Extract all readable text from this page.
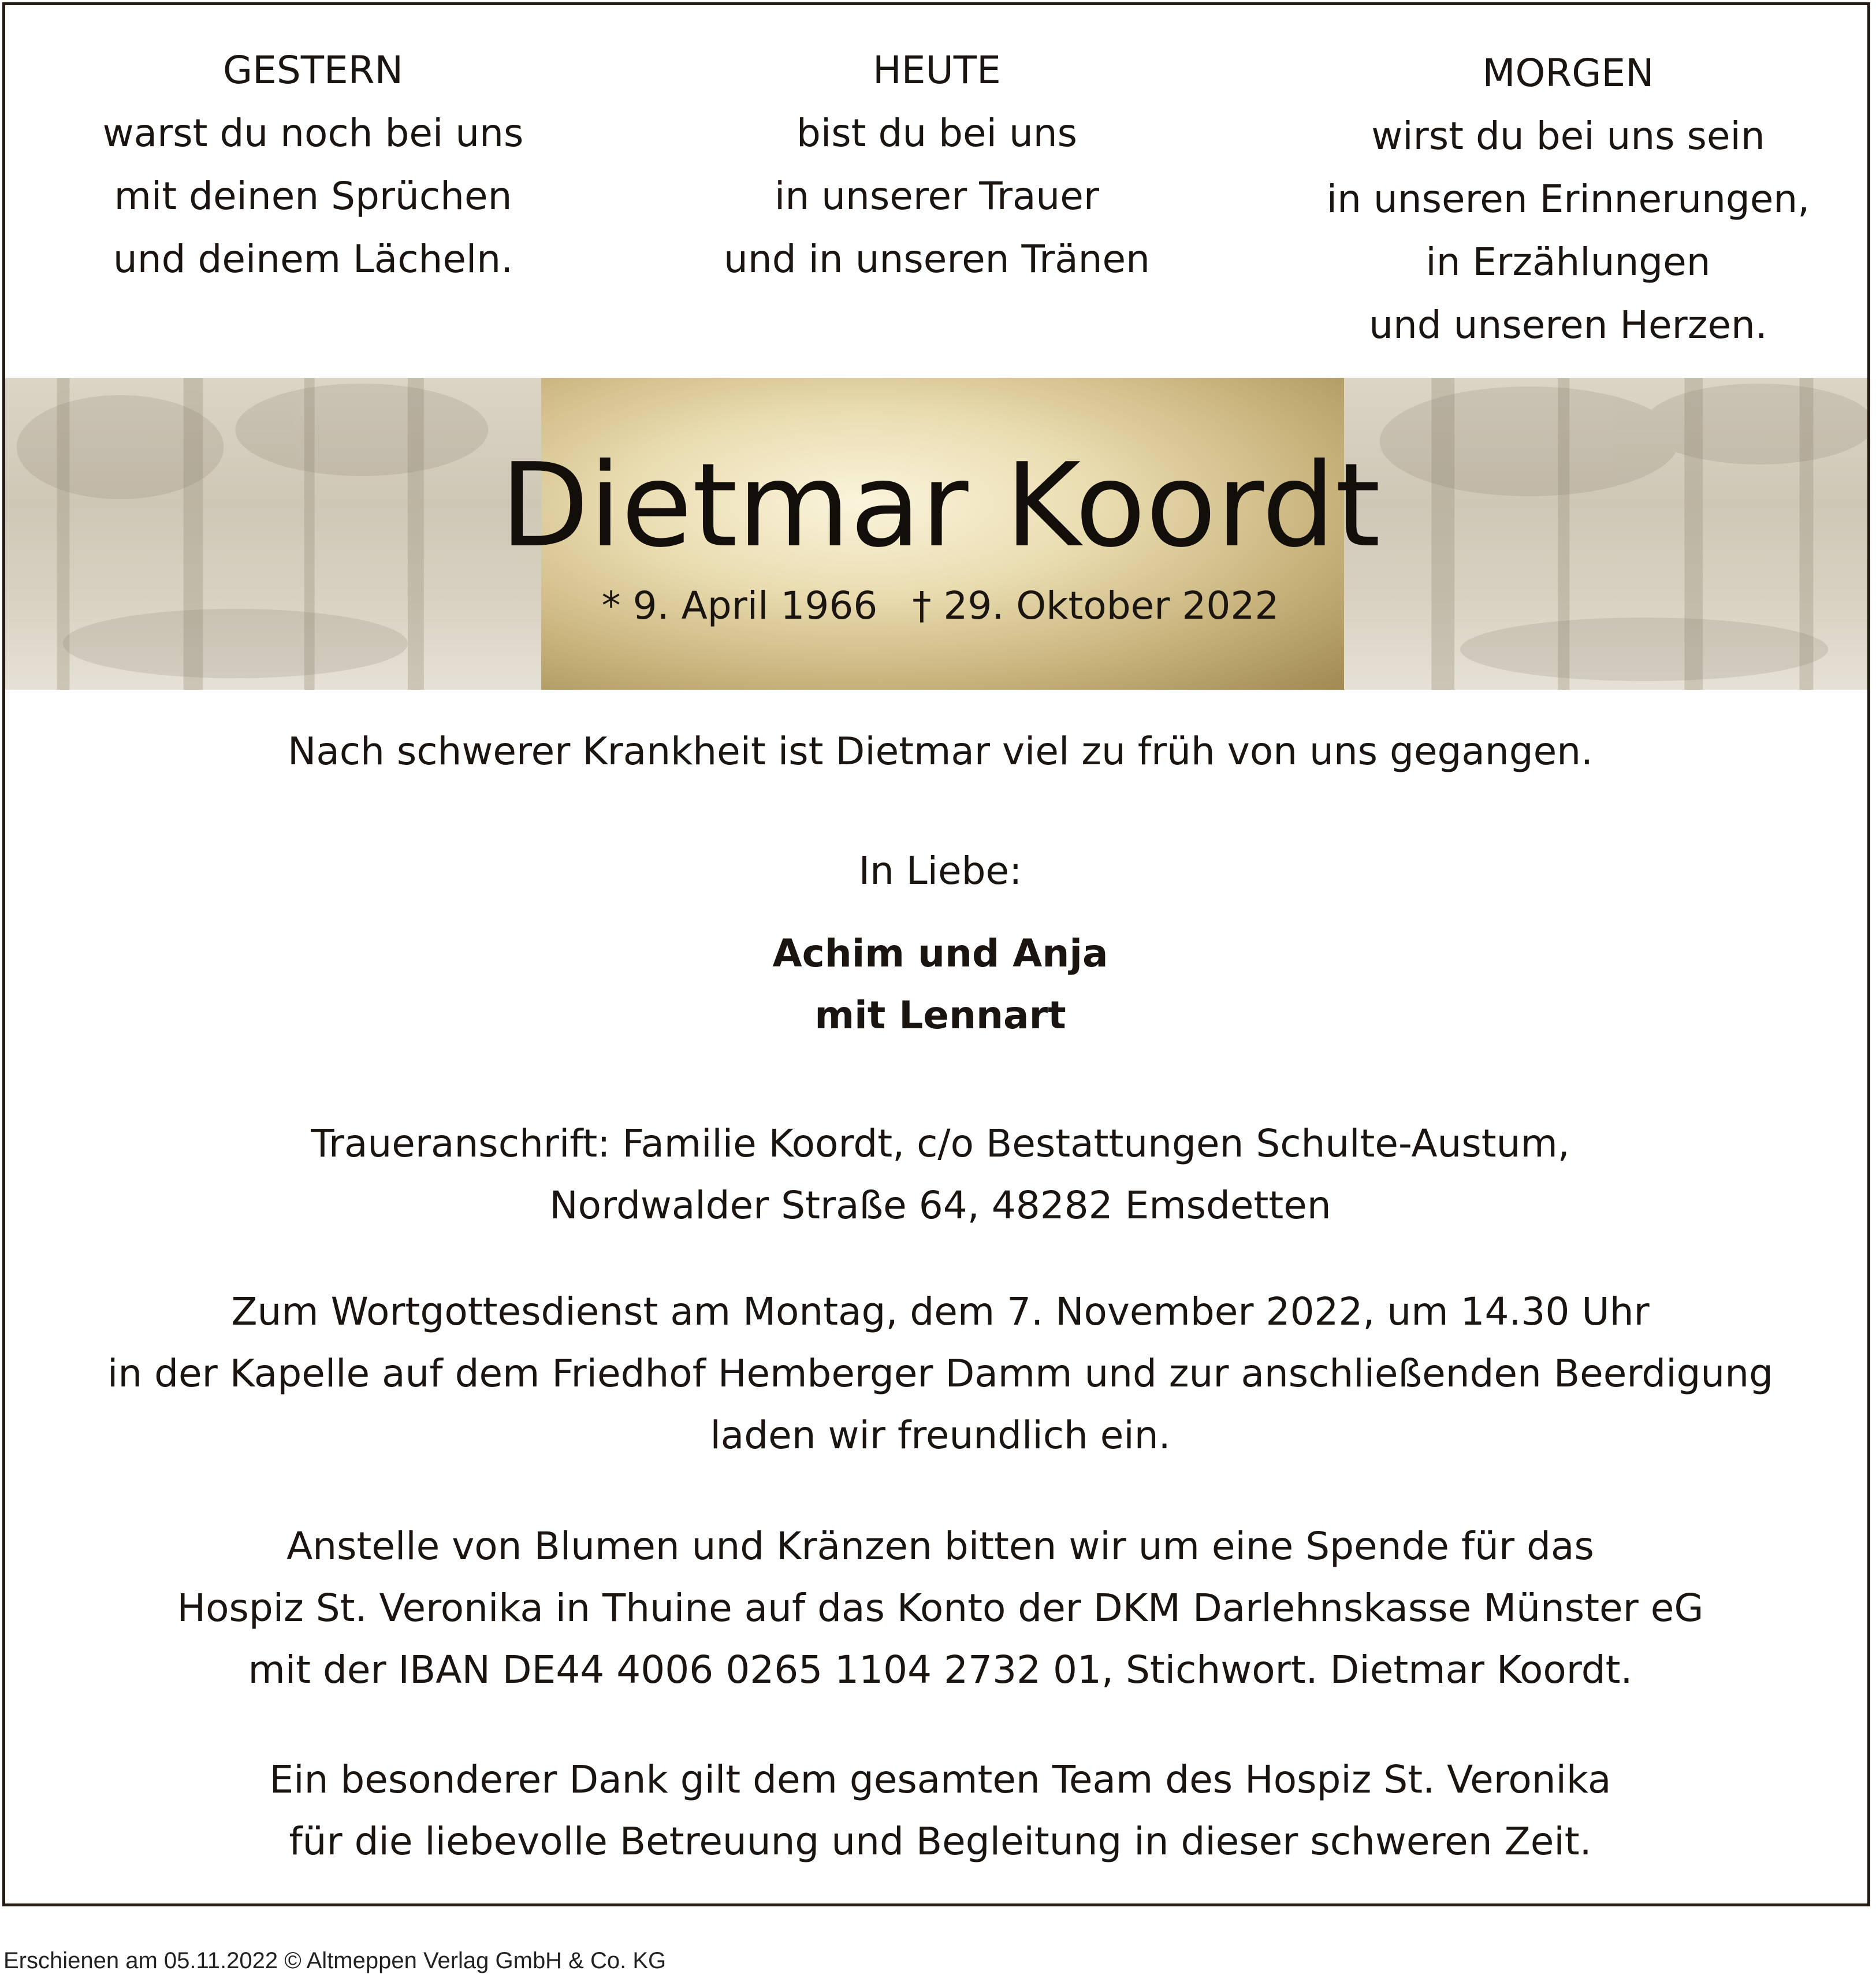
GESTERN
warst du noch bei uns
mit deinen Sprüchen
und deinem Lächeln.
HEUTE
bist du bei uns
in unserer Trauer
und in unseren Tränen
MORGEN
wirst du bei uns sein
in unseren Erinnerungen,
in Erzählungen
und unseren Herzen.
Dietmar Koordt
* 9. April 1966 † 29. Oktober 2022
Nach schwerer Krankheit ist Dietmar viel zu früh von uns gegangen.
In Liebe:
Achim und Anja
mit Lennart
Traueranschrift: Familie Koordt, c/o Bestattungen Schulte-Austum,
Nordwalder Straße 64, 48282 Emsdetten
Zum Wortgottesdienst am Montag, dem 7. November 2022, um 14.30 Uhr
in der Kapelle auf dem Friedhof Hemberger Damm und zur anschließenden Beerdigung
laden wir freundlich ein.
Anstelle von Blumen und Kränzen bitten wir um eine Spende für das
Hospiz St. Veronika in Thuine auf das Konto der DKM Darlehnskasse Münster eG
mit der IBAN DE44 4006 0265 1104 2732 01, Stichwort. Dietmar Koordt.
Ein besonderer Dank gilt dem gesamten Team des Hospiz St. Veronika
für die liebevolle Betreuung und Begleitung in dieser schweren Zeit.
Erschienen am 05.11.2022 © Altmeppen Verlag GmbH & Co. KG
